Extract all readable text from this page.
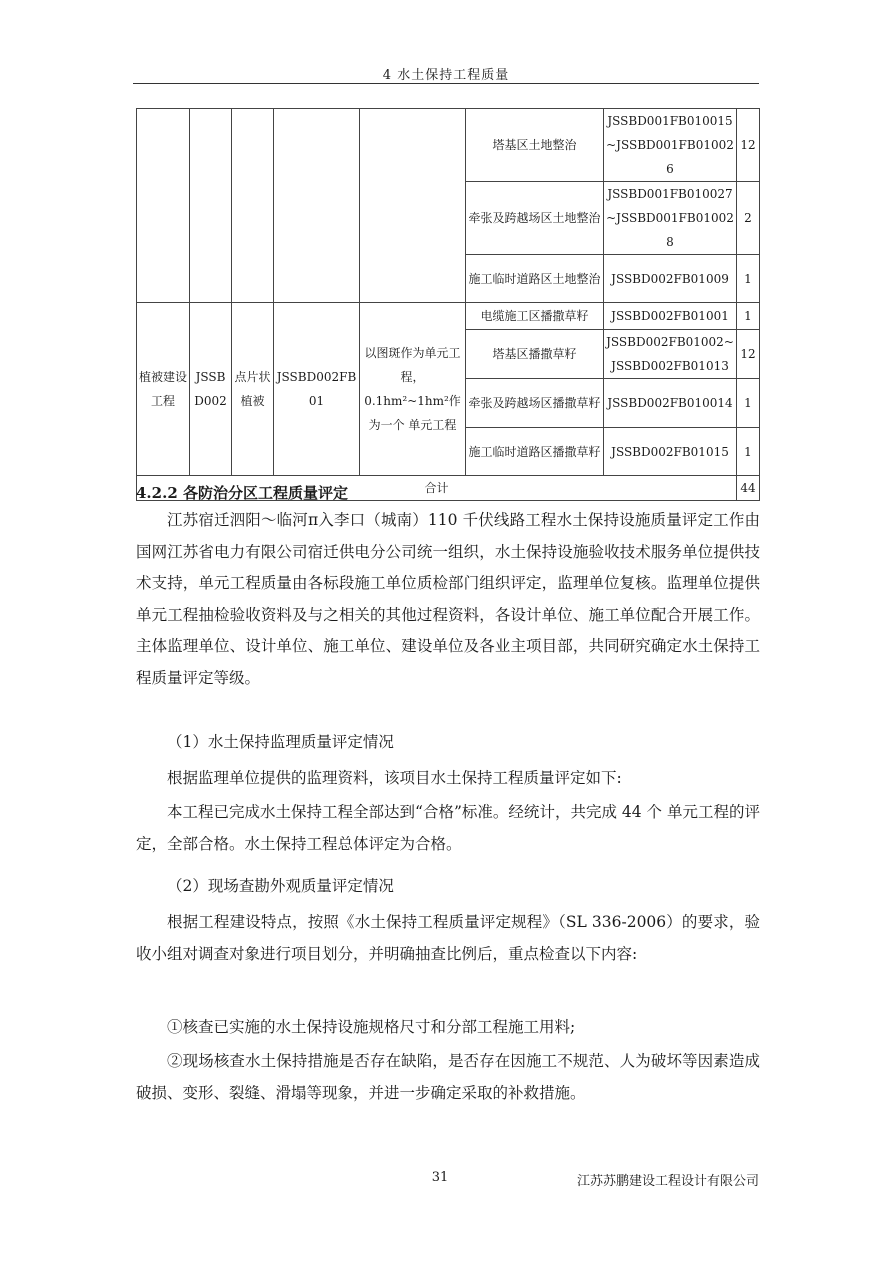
4 水土保持工程质量
					塔基区土地整治	JSSBD001FB010015~JSSBD001FB010026	12
					牵张及跨越场区土地整治	JSSBD001FB010027~JSSBD001FB010028	2
					施工临时道路区土地整治	JSSBD002FB01009	1
植被建设工程	JSSBD002	点片状植被	JSSBD002FB01	以图斑作为单元工程，0.1hm²~1hm²作为一个 单元工程	电缆施工区播撒草籽	JSSBD002FB01001	1
					塔基区播撒草籽	JSSBD002FB01002~JSSBD002FB01013	12
					牵张及跨越场区播撒草籽	JSSBD002FB010014	1
					施工临时道路区播撒草籽	JSSBD002FB01015	1
合计							44
4.2.2 各防治分区工程质量评定

江苏宿迁泗阳～临河π入李口（城南）110 千伏线路工程水土保持设施质量评定工作由国网江苏省电力有限公司宿迁供电分公司统一组织，水土保持设施验收技术服务单位提供技术支持，单元工程质量由各标段施工单位质检部门组织评定，监理单位复核。监理单位提供单元工程抽检验收资料及与之相关的其他过程资料，各设计单位、施工单位配合开展工作。主体监理单位、设计单位、施工单位、建设单位及各业主项目部，共同研究确定水土保持工程质量评定等级。

（1）水土保持监理质量评定情况

根据监理单位提供的监理资料，该项目水土保持工程质量评定如下:

本工程已完成水土保持工程全部达到“合格”标准。经统计，共完成 44 个 单元工程的评定，全部合格。水土保持工程总体评定为合格。

（2）现场查勘外观质量评定情况

根据工程建设特点，按照《水土保持工程质量评定规程》（SL 336-2006）的要求，验收小组对调查对象进行项目划分，并明确抽查比例后，重点检查以下内容:

①核查已实施的水土保持设施规格尺寸和分部工程施工用料;

②现场核查水土保持措施是否存在缺陷，是否存在因施工不规范、人为破坏等因素造成破损、变形、裂缝、滑塌等现象，并进一步确定采取的补救措施。

31	江苏苏鹏建设工程设计有限公司
